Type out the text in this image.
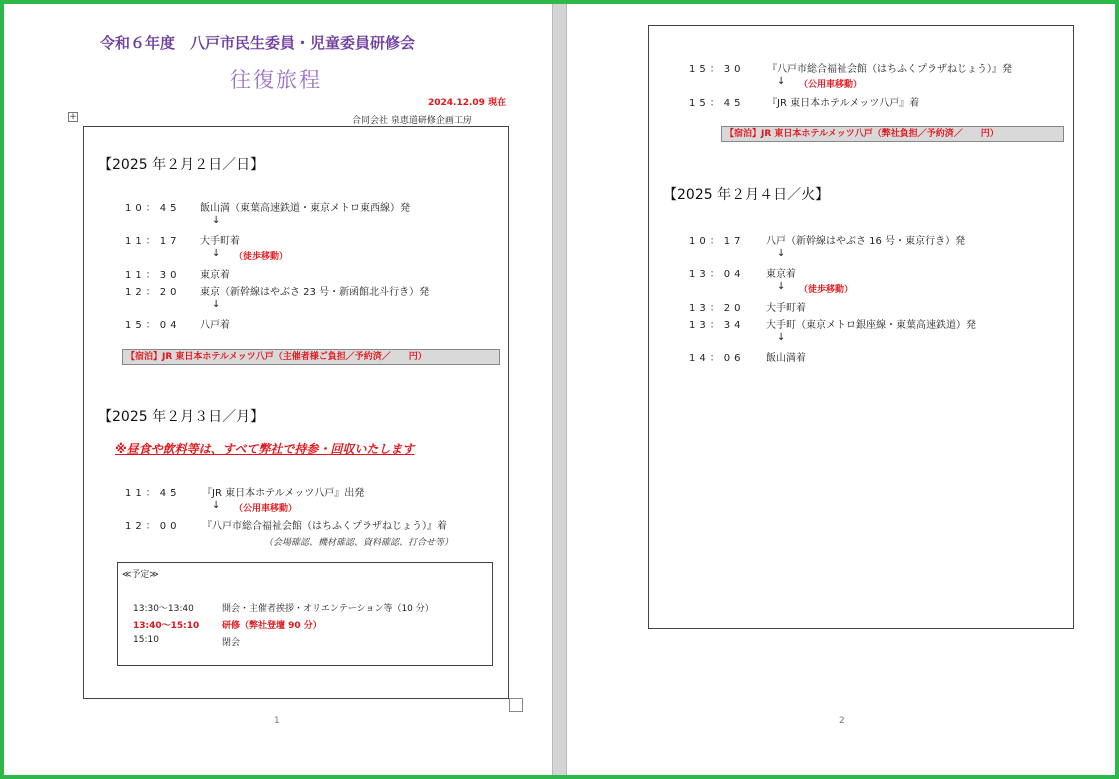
令和６年度　八戸市民生委員・児童委員研修会
往復旅程
2024.12.09 現在
合同会社 泉恵道研修企画工房
+
【2025 年２月２日／日】
10：45 飯山満（東葉高速鉄道・東京メトロ東西線）発
↓
11：17 大手町着
↓ （徒歩移動）
11：30 東京着
12：20 東京（新幹線はやぶさ 23 号・新函館北斗行き）発
↓
15：04 八戸着
【宿泊】JR 東日本ホテルメッツ八戸（主催者様ご負担／予約済／　　円）
【2025 年２月３日／月】
※昼食や飲料等は、すべて弊社で持参・回収いたします
11：45 『JR 東日本ホテルメッツ八戸』出発
↓ （公用車移動）
12：00 『八戸市総合福祉会館（はちふくプラザねじょう）』着
（会場確認、機材確認、資料確認、打合せ等）
≪予定≫
13:30〜13:40	開会・主催者挨拶・オリエンテーション等（10 分）
13:40〜15:10	研修（弊社登壇 90 分）
15:10	閉会
1
15：30 『八戸市総合福祉会館（はちふくプラザねじょう）』発
↓ （公用車移動）
15：45 『JR 東日本ホテルメッツ八戸』着
【宿泊】JR 東日本ホテルメッツ八戸（弊社負担／予約済／　　円）
【2025 年２月４日／火】
10：17 八戸（新幹線はやぶさ 16 号・東京行き）発
↓
13：04 東京着
↓ （徒歩移動）
13：20 大手町着
13：34 大手町（東京メトロ銀座線・東葉高速鉄道）発
↓
14：06 飯山満着
2
